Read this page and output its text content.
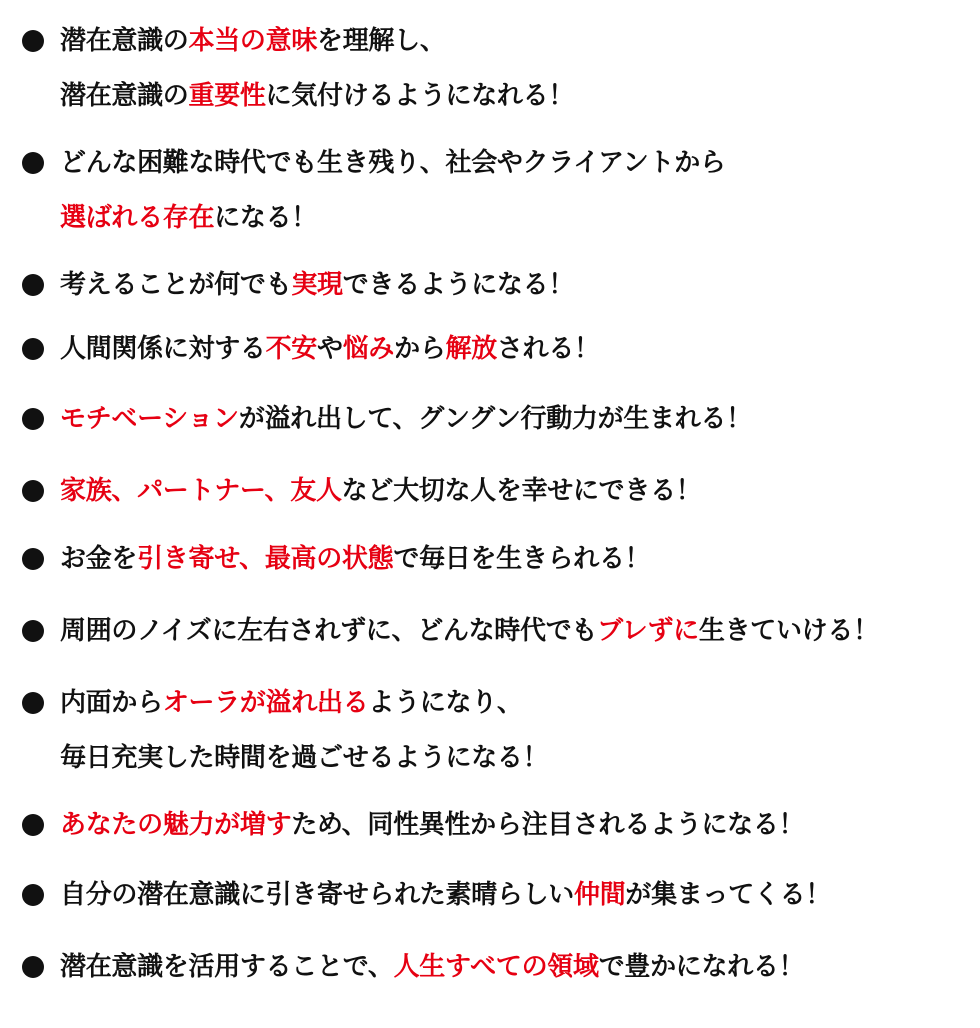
潜在意識の本当の意味を理解し、
潜在意識の重要性に気付けるようになれる！
どんな困難な時代でも生き残り、社会やクライアントから
選ばれる存在になる！
考えることが何でも実現できるようになる！
人間関係に対する不安や悩みから解放される！
モチベーションが溢れ出して、グングン行動力が生まれる！
家族、パートナー、友人など大切な人を幸せにできる！
お金を引き寄せ、最高の状態で毎日を生きられる！
周囲のノイズに左右されずに、どんな時代でもブレずに生きていける！
内面からオーラが溢れ出るようになり、
毎日充実した時間を過ごせるようになる！
あなたの魅力が増すため、同性異性から注目されるようになる！
自分の潜在意識に引き寄せられた素晴らしい仲間が集まってくる！
潜在意識を活用することで、人生すべての領域で豊かになれる！
